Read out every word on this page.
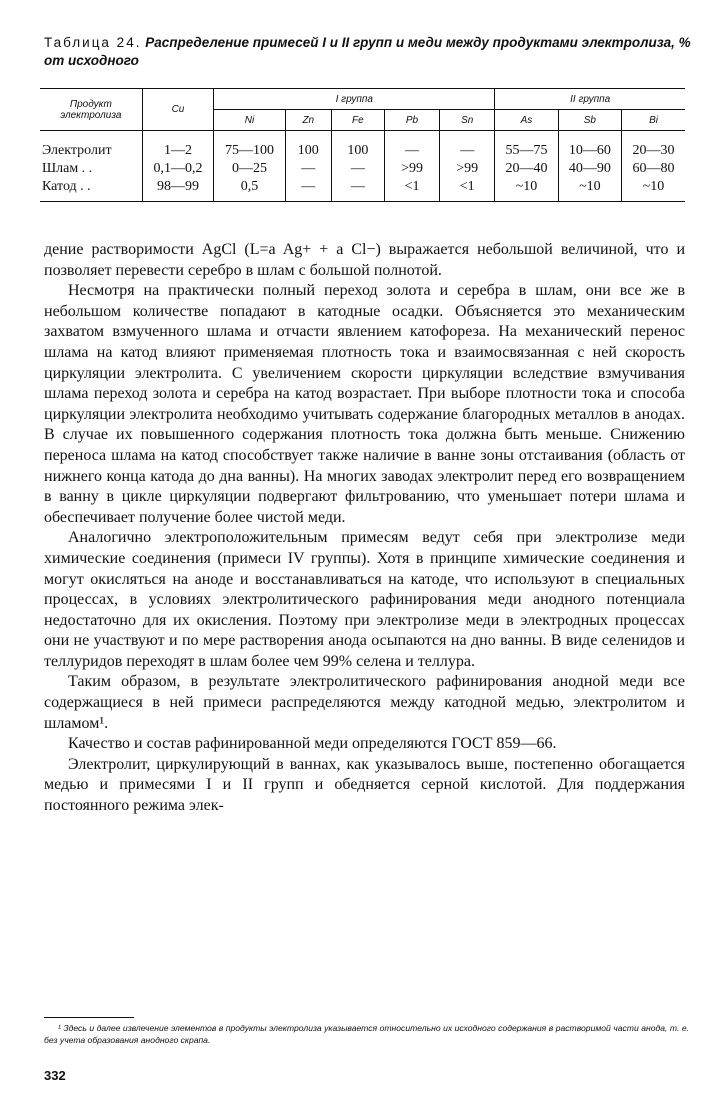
Таблица 24. Распределение примесей I и II групп и меди между продуктами электролиза, % от исходного
Продукт электролиза	Cu	I группа					II группа		
		Ni	Zn	Fe	Pb	Sn	As	Sb	Bi
Электролит	1—2	75—100	100	100	—	—	55—75	10—60	20—30
Шлам . .	0,1—0,2	0—25	—	—	>99	>99	20—40	40—90	60—80
Катод . .	98—99	0,5	—	—	<1	<1	~10	~10	~10

дение растворимости AgCl (L=a Ag+ + a Cl−) выражается небольшой величиной, что и позволяет перевести серебро в шлам с большой полнотой.

Несмотря на практически полный переход золота и серебра в шлам, они все же в небольшом количестве попадают в катодные осадки. Объясняется это механическим захватом взмученного шлама и отчасти явлением катофореза. На механический перенос шлама на катод влияют применяемая плотность тока и взаимосвязанная с ней скорость циркуляции электролита. С увеличением скорости циркуляции вследствие взмучивания шлама переход золота и серебра на катод возрастает. При выборе плотности тока и способа циркуляции электролита необходимо учитывать содержание благородных металлов в анодах. В случае их повышенного содержания плотность тока должна быть меньше. Снижению переноса шлама на катод способствует также наличие в ванне зоны отстаивания (область от нижнего конца катода до дна ванны). На многих заводах электролит перед его возвращением в ванну в цикле циркуляции подвергают фильтрованию, что уменьшает потери шлама и обеспечивает получение более чистой меди.

Аналогично электроположительным примесям ведут себя при электролизе меди химические соединения (примеси IV группы). Хотя в принципе химические соединения и могут окисляться на аноде и восстанавливаться на катоде, что используют в специальных процессах, в условиях электролитического рафинирования меди анодного потенциала недостаточно для их окисления. Поэтому при электролизе меди в электродных процессах они не участвуют и по мере растворения анода осыпаются на дно ванны. В виде селенидов и теллуридов переходят в шлам более чем 99% селена и теллура.

Таким образом, в результате электролитического рафинирования анодной меди все содержащиеся в ней примеси распределяются между катодной медью, электролитом и шламом¹.

Качество и состав рафинированной меди определяются ГОСТ 859—66.

Электролит, циркулирующий в ваннах, как указывалось выше, постепенно обогащается медью и примесями I и II групп и обедняется серной кислотой. Для поддержания постоянного режима элек-

¹ Здесь и далее извлечение элементов в продукты электролиза указывается относительно их исходного содержания в растворимой части анода, т. е. без учета образования анодного скрапа.
332
